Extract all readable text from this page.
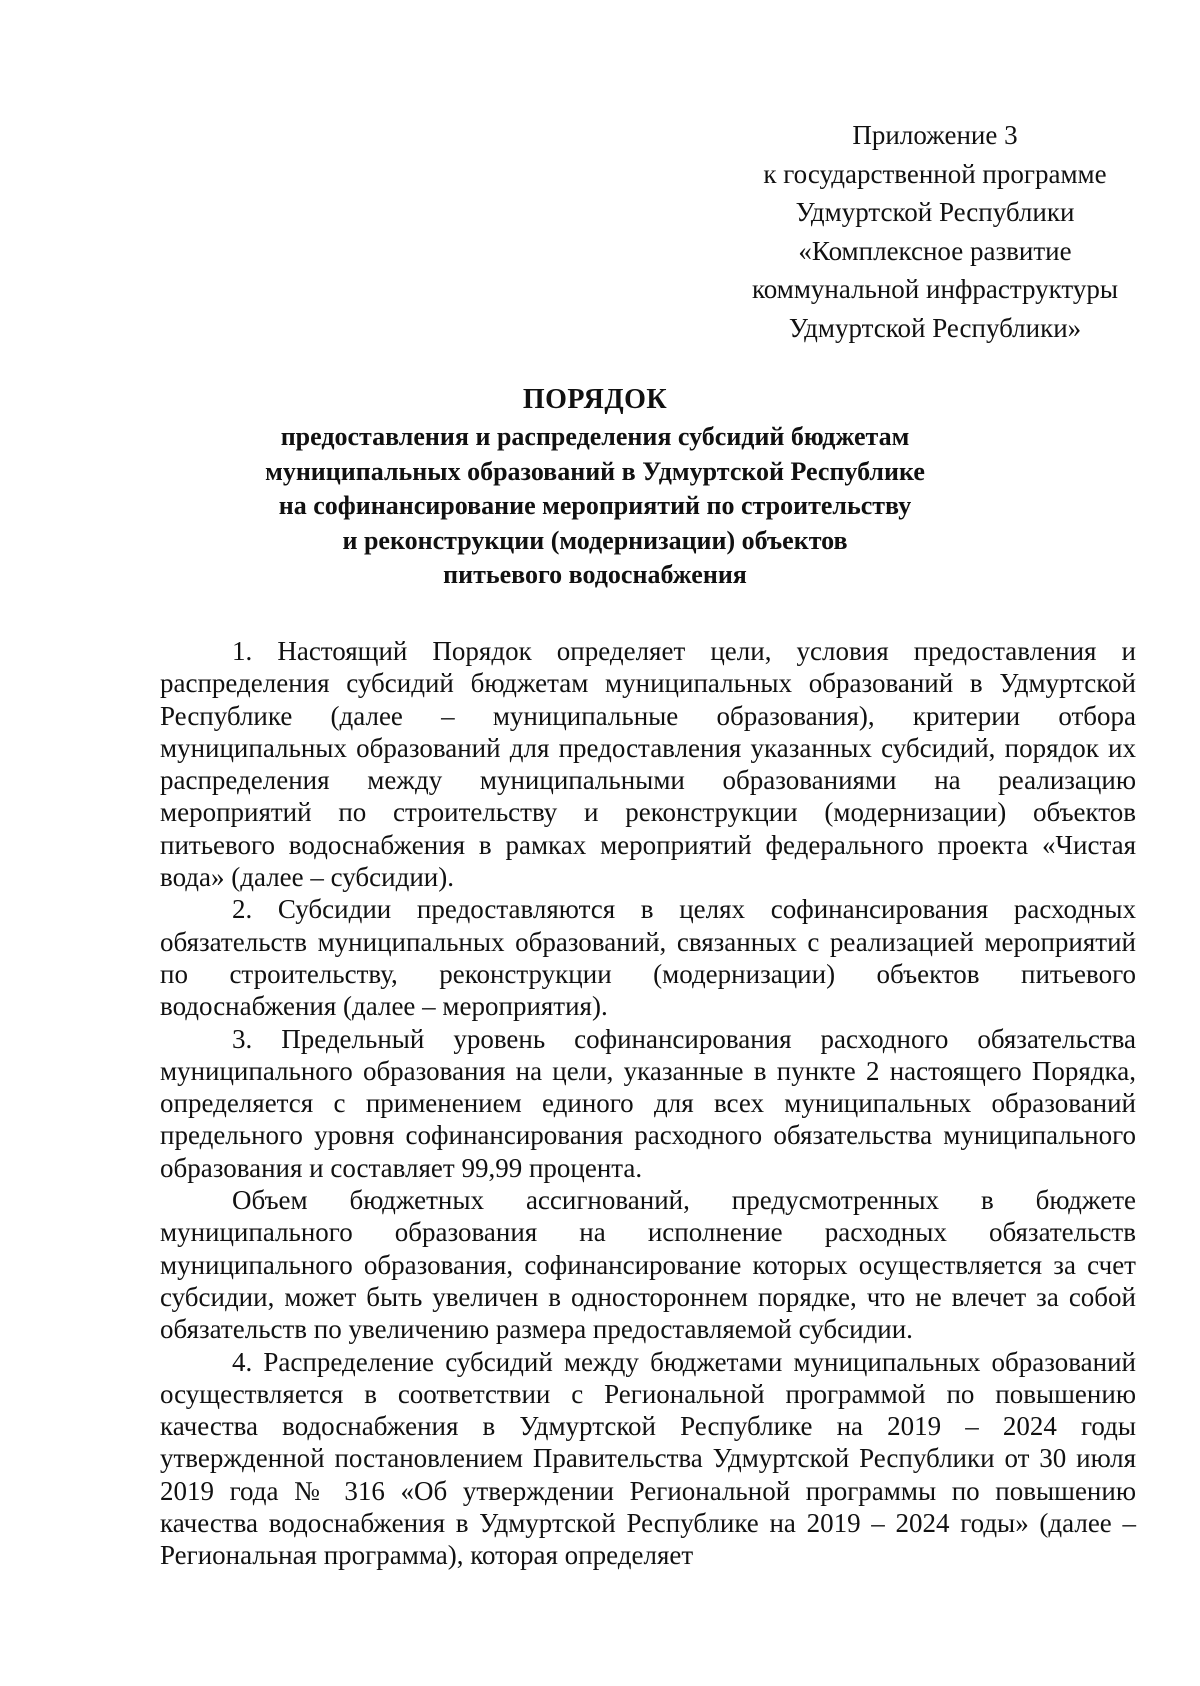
Приложение 3
к государственной программе
Удмуртской Республики
«Комплексное развитие
коммунальной инфраструктуры
Удмуртской Республики»
ПОРЯДОК
предоставления и распределения субсидий бюджетам
муниципальных образований в Удмуртской Республике
на софинансирование мероприятий по строительству
и реконструкции (модернизации) объектов
питьевого водоснабжения

1. Настоящий Порядок определяет цели, условия предоставления и распределения субсидий бюджетам муниципальных образований в Удмуртской Республике (далее – муниципальные образования), критерии отбора муниципальных образований для предоставления указанных субсидий, порядок их распределения между муниципальными образованиями на реализацию мероприятий по строительству и реконструкции (модернизации) объектов питьевого водоснабжения в рамках мероприятий федерального проекта «Чистая вода» (далее – субсидии).

2. Субсидии предоставляются в целях софинансирования расходных обязательств муниципальных образований, связанных с реализацией мероприятий по строительству, реконструкции (модернизации) объектов питьевого водоснабжения (далее – мероприятия).

3. Предельный уровень софинансирования расходного обязательства муниципального образования на цели, указанные в пункте 2 настоящего Порядка, определяется с применением единого для всех муниципальных образований предельного уровня софинансирования расходного обязательства муниципального образования и составляет 99,99 процента.

Объем бюджетных ассигнований, предусмотренных в бюджете муниципального образования на исполнение расходных обязательств муниципального образования, софинансирование которых осуществляется за счет субсидии, может быть увеличен в одностороннем порядке, что не влечет за собой обязательств по увеличению размера предоставляемой субсидии.

4. Распределение субсидий между бюджетами муниципальных образований осуществляется в соответствии с Региональной программой по повышению качества водоснабжения в Удмуртской Республике на 2019 – 2024 годы утвержденной постановлением Правительства Удмуртской Республики от 30 июля 2019 года № 316 «Об утверждении Региональной программы по повышению качества водоснабжения в Удмуртской Республике на 2019 – 2024 годы» (далее – Региональная программа), которая определяет
